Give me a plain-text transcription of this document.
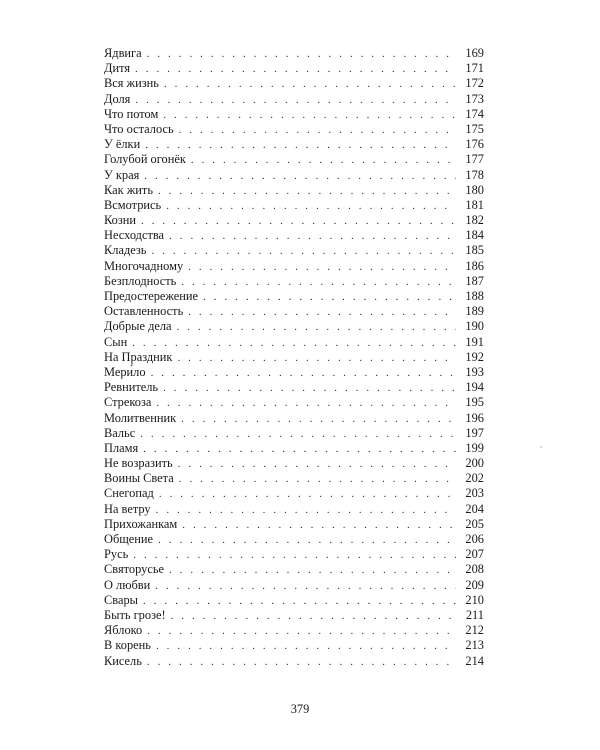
Ядвига . . .	169
Дитя . . .	171
Вся жизнь . . .	172
Доля . . .	173
Что потом . . .	174
Что осталось . . .	175
У ёлки . . .	176
Голубой огонёк . . .	177
У края . . .	178
Как жить . . .	180
Всмотрись . . .	181
Козни . . .	182
Несходства . . .	184
Кладезь . . .	185
Многочадному . . .	186
Безплодность . . .	187
Предостережение . . .	188
Оставленность . . .	189
Добрые дела . . .	190
Сын . . .	191
На Праздник . . .	192
Мери́ло . . .	193
Ревнитель . . .	194
Стрекоза . . .	195
Молитвенник . . .	196
Вальс . . .	197
Пламя . . .	199
Не возразить . . .	200
Воины Света . . .	202
Снегопад . . .	203
На ветру . . .	204
Прихожанкам . . .	205
Общение . . .	206
Русь . . .	207
Святорусье . . .	208
О любви . . .	209
Свары . . .	210
Быть грозе! . . .	211
Яблоко . . .	212
В корень . . .	213
Кисель . . .	214
379
